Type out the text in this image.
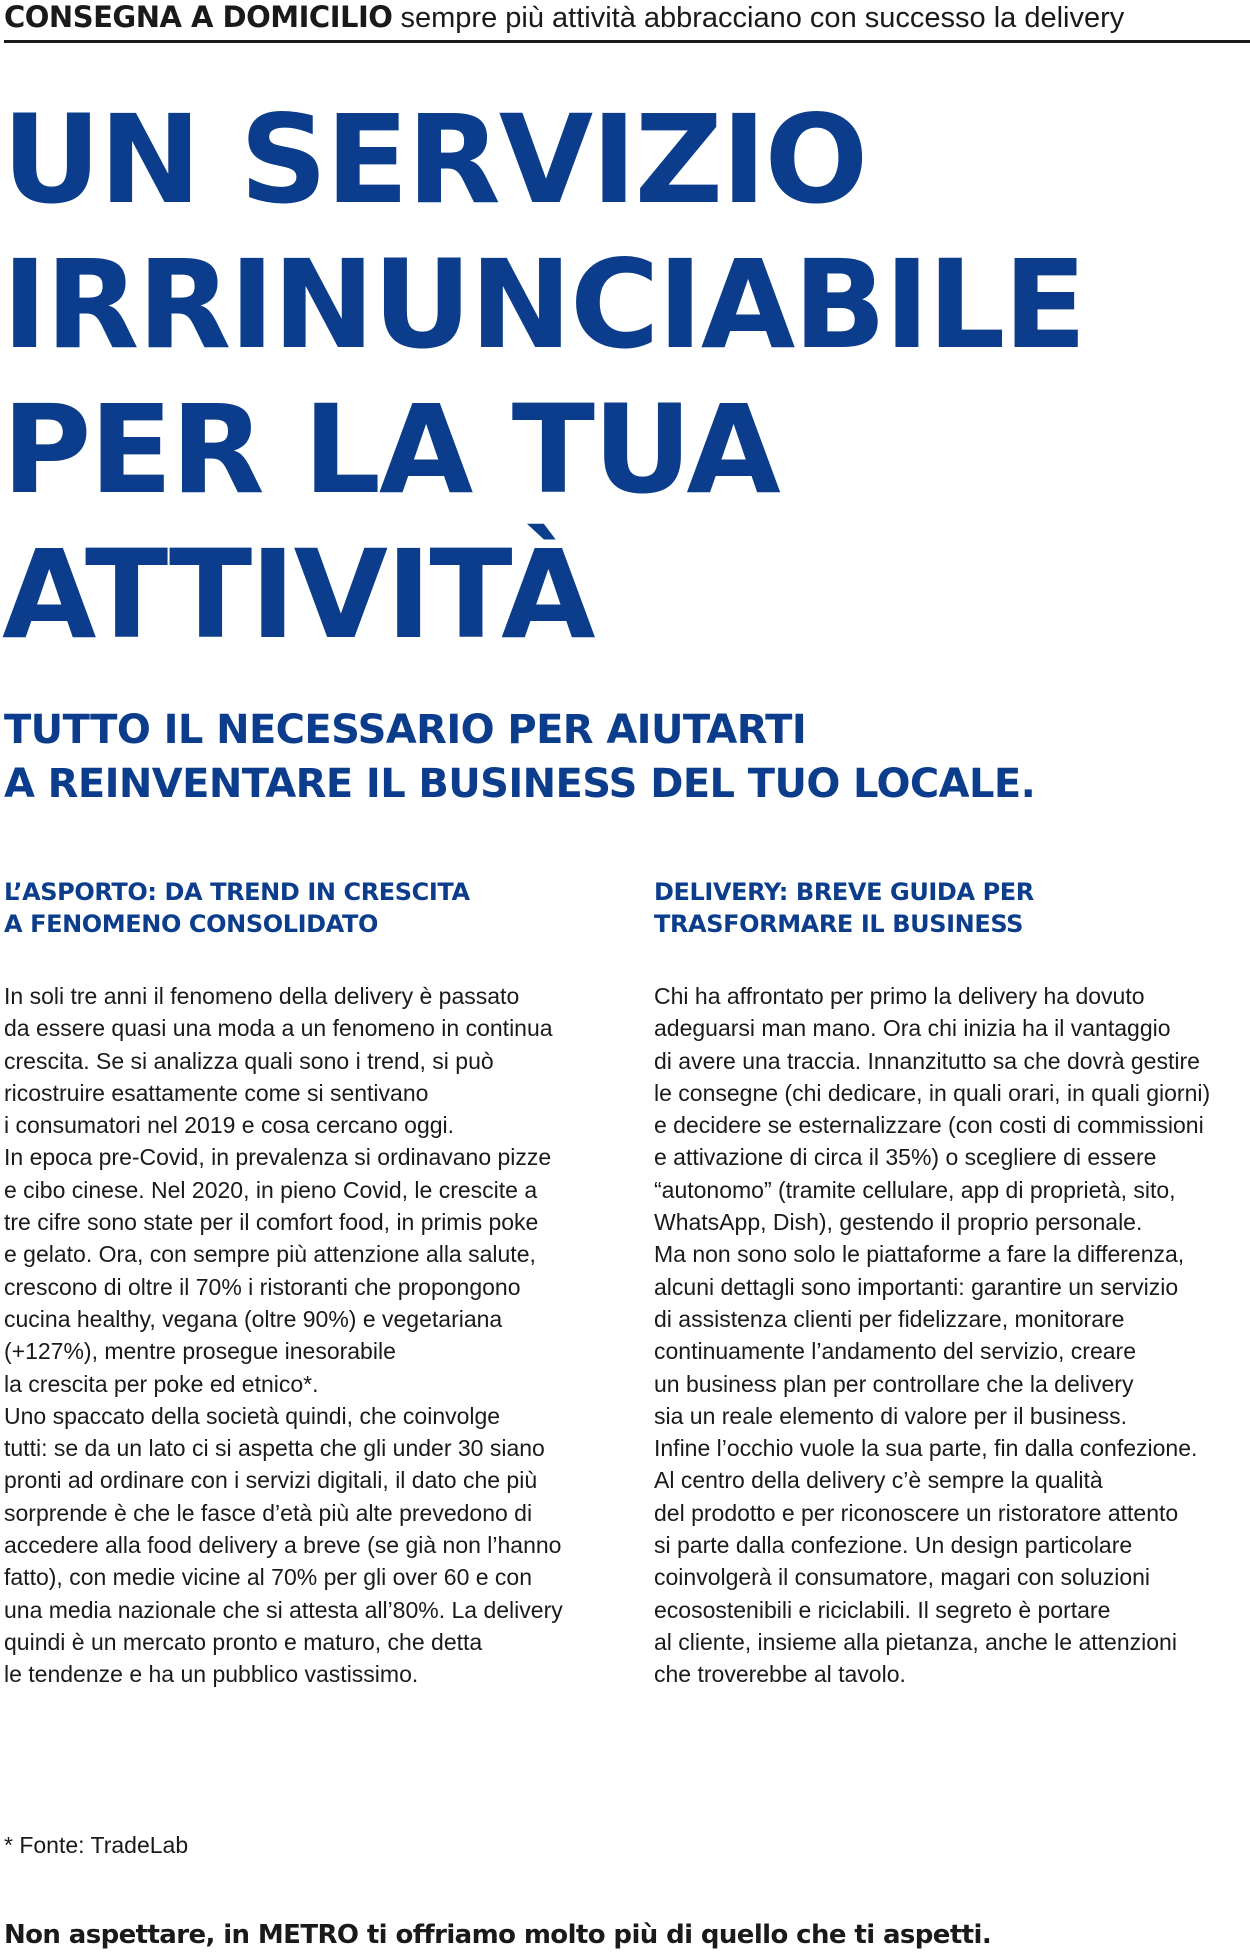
CONSEGNA A DOMICILIO sempre più attività abbracciano con successo la delivery
UN SERVIZIO
IRRINUNCIABILE
PER LA TUA
ATTIVITÀ
TUTTO IL NECESSARIO PER AIUTARTI
A REINVENTARE IL BUSINESS DEL TUO LOCALE.
L’ASPORTO: DA TREND IN CRESCITA
A FENOMENO CONSOLIDATO
In soli tre anni il fenomeno della delivery è passato
da essere quasi una moda a un fenomeno in continua
crescita. Se si analizza quali sono i trend, si può
ricostruire esattamente come si sentivano
i consumatori nel 2019 e cosa cercano oggi.
In epoca pre-Covid, in prevalenza si ordinavano pizze
e cibo cinese. Nel 2020, in pieno Covid, le crescite a
tre cifre sono state per il comfort food, in primis poke
e gelato. Ora, con sempre più attenzione alla salute,
crescono di oltre il 70% i ristoranti che propongono
cucina healthy, vegana (oltre 90%) e vegetariana
(+127%), mentre prosegue inesorabile
la crescita per poke ed etnico*.
Uno spaccato della società quindi, che coinvolge
tutti: se da un lato ci si aspetta che gli under 30 siano
pronti ad ordinare con i servizi digitali, il dato che più
sorprende è che le fasce d’età più alte prevedono di
accedere alla food delivery a breve (se già non l’hanno
fatto), con medie vicine al 70% per gli over 60 e con
una media nazionale che si attesta all’80%. La delivery
quindi è un mercato pronto e maturo, che detta
le tendenze e ha un pubblico vastissimo.
DELIVERY: BREVE GUIDA PER
TRASFORMARE IL BUSINESS
Chi ha affrontato per primo la delivery ha dovuto
adeguarsi man mano. Ora chi inizia ha il vantaggio
di avere una traccia. Innanzitutto sa che dovrà gestire
le consegne (chi dedicare, in quali orari, in quali giorni)
e decidere se esternalizzare (con costi di commissioni
e attivazione di circa il 35%) o scegliere di essere
“autonomo” (tramite cellulare, app di proprietà, sito,
WhatsApp, Dish), gestendo il proprio personale.
Ma non sono solo le piattaforme a fare la differenza,
alcuni dettagli sono importanti: garantire un servizio
di assistenza clienti per fidelizzare, monitorare
continuamente l’andamento del servizio, creare
un business plan per controllare che la delivery
sia un reale elemento di valore per il business.
Infine l’occhio vuole la sua parte, fin dalla confezione.
Al centro della delivery c’è sempre la qualità
del prodotto e per riconoscere un ristoratore attento
si parte dalla confezione. Un design particolare
coinvolgerà il consumatore, magari con soluzioni
ecosostenibili e riciclabili. Il segreto è portare
al cliente, insieme alla pietanza, anche le attenzioni
che troverebbe al tavolo.
* Fonte: TradeLab
Non aspettare, in METRO ti offriamo molto più di quello che ti aspetti.
